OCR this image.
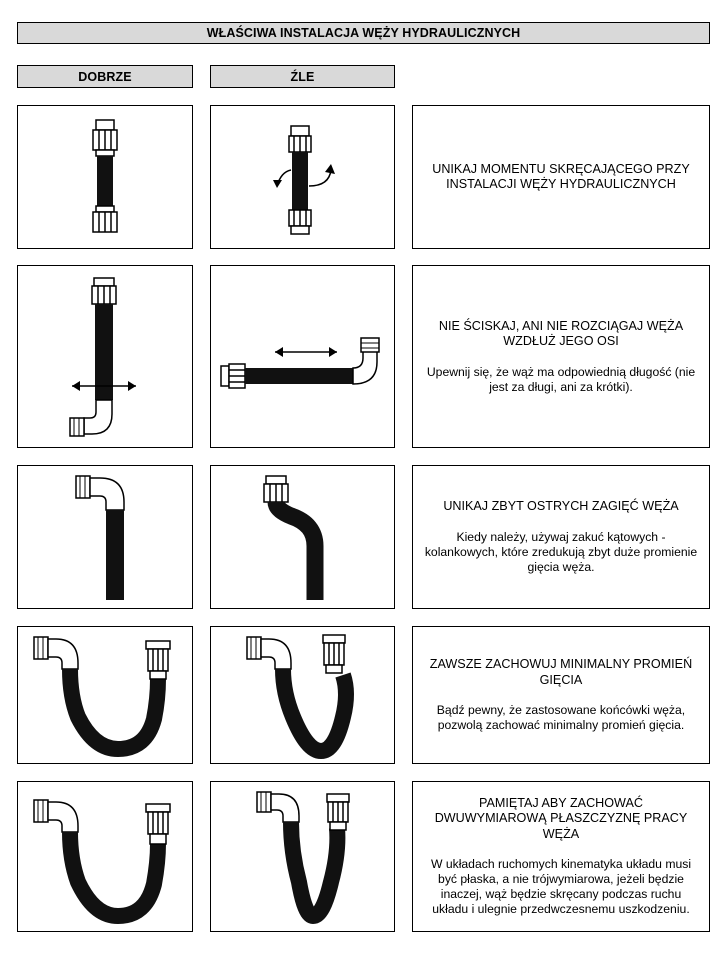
WŁAŚCIWA INSTALACJA WĘŻY HYDRAULICZNYCH
DOBRZE	ŹLE
UNIKAJ MOMENTU SKRĘCAJĄCEGO PRZY INSTALACJI WĘŻY HYDRAULICZNYCH
NIE ŚCISKAJ, ANI NIE ROZCIĄGAJ WĘŻA WZDŁUŻ JEGO OSI
Upewnij się, że wąż ma odpowiednią długość (nie jest za długi, ani za krótki).
UNIKAJ ZBYT OSTRYCH ZAGIĘĆ WĘŻA
Kiedy należy, używaj zakuć kątowych - kolankowych, które zredukują zbyt duże promienie gięcia węża.
ZAWSZE ZACHOWUJ MINIMALNY PROMIEŃ GIĘCIA
Bądź pewny, że zastosowane końcówki węża, pozwolą zachować minimalny promień gięcia.
PAMIĘTAJ ABY ZACHOWAĆ DWUWYMIAROWĄ PŁASZCZYZNĘ PRACY WĘŻA
W układach ruchomych kinematyka układu musi być płaska, a nie trójwymiarowa, jeżeli będzie inaczej, wąż będzie skręcany podczas ruchu układu i ulegnie przedwczesnemu uszkodzeniu.
